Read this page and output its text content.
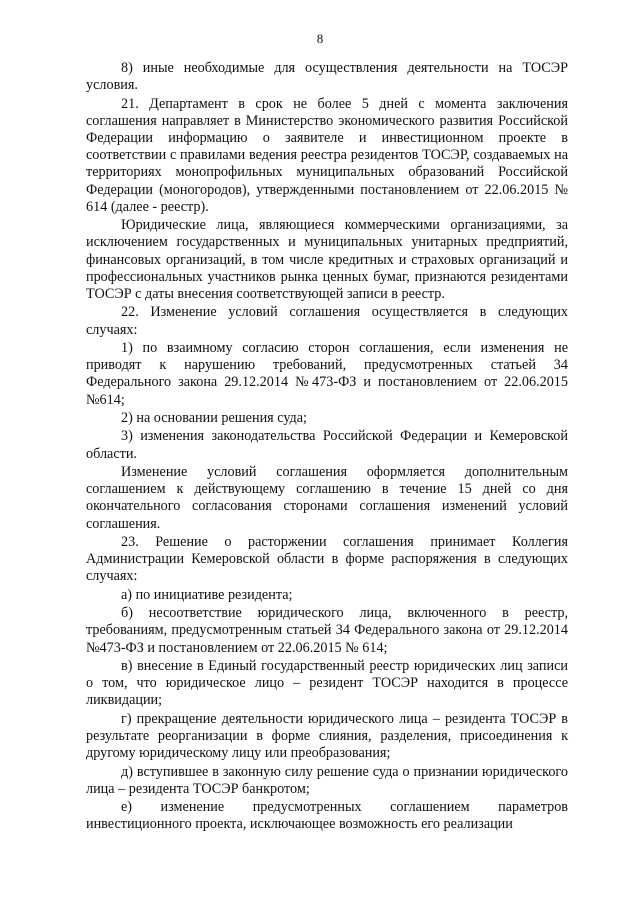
8

8) иные необходимые для осуществления деятельности на ТОСЭР условия.

21. Департамент в срок не более 5 дней с момента заключения соглашения направляет в Министерство экономического развития Российской Федерации информацию о заявителе и инвестиционном проекте в соответствии с правилами ведения реестра резидентов ТОСЭР, создаваемых на территориях монопрофильных муниципальных образований Российской Федерации (моногородов), утвержденными постановлением от 22.06.2015 № 614 (далее - реестр).

Юридические лица, являющиеся коммерческими организациями, за исключением государственных и муниципальных унитарных предприятий, финансовых организаций, в том числе кредитных и страховых организаций и профессиональных участников рынка ценных бумаг, признаются резидентами ТОСЭР с даты внесения соответствующей записи в реестр.

22. Изменение условий соглашения осуществляется в следующих случаях:

1) по взаимному согласию сторон соглашения, если изменения не приводят к нарушению требований, предусмотренных статьей 34 Федерального закона 29.12.2014 №473-ФЗ и постановлением от 22.06.2015 №614;

2) на основании решения суда;

3) изменения законодательства Российской Федерации и Кемеровской области.

Изменение условий соглашения оформляется дополнительным соглашением к действующему соглашению в течение 15 дней со дня окончательного согласования сторонами соглашения изменений условий соглашения.

23. Решение о расторжении соглашения принимает Коллегия Администрации Кемеровской области в форме распоряжения в следующих случаях:

а) по инициативе резидента;

б) несоответствие юридического лица, включенного в реестр, требованиям, предусмотренным статьей 34 Федерального закона от 29.12.2014 №473-ФЗ и постановлением от 22.06.2015 № 614;

в) внесение в Единый государственный реестр юридических лиц записи о том, что юридическое лицо – резидент ТОСЭР находится в процессе ликвидации;

г) прекращение деятельности юридического лица – резидента ТОСЭР в результате реорганизации в форме слияния, разделения, присоединения к другому юридическому лицу или преобразования;

д) вступившее в законную силу решение суда о признании юридического лица – резидента ТОСЭР банкротом;

е) изменение предусмотренных соглашением параметров инвестиционного проекта, исключающее возможность его реализации
